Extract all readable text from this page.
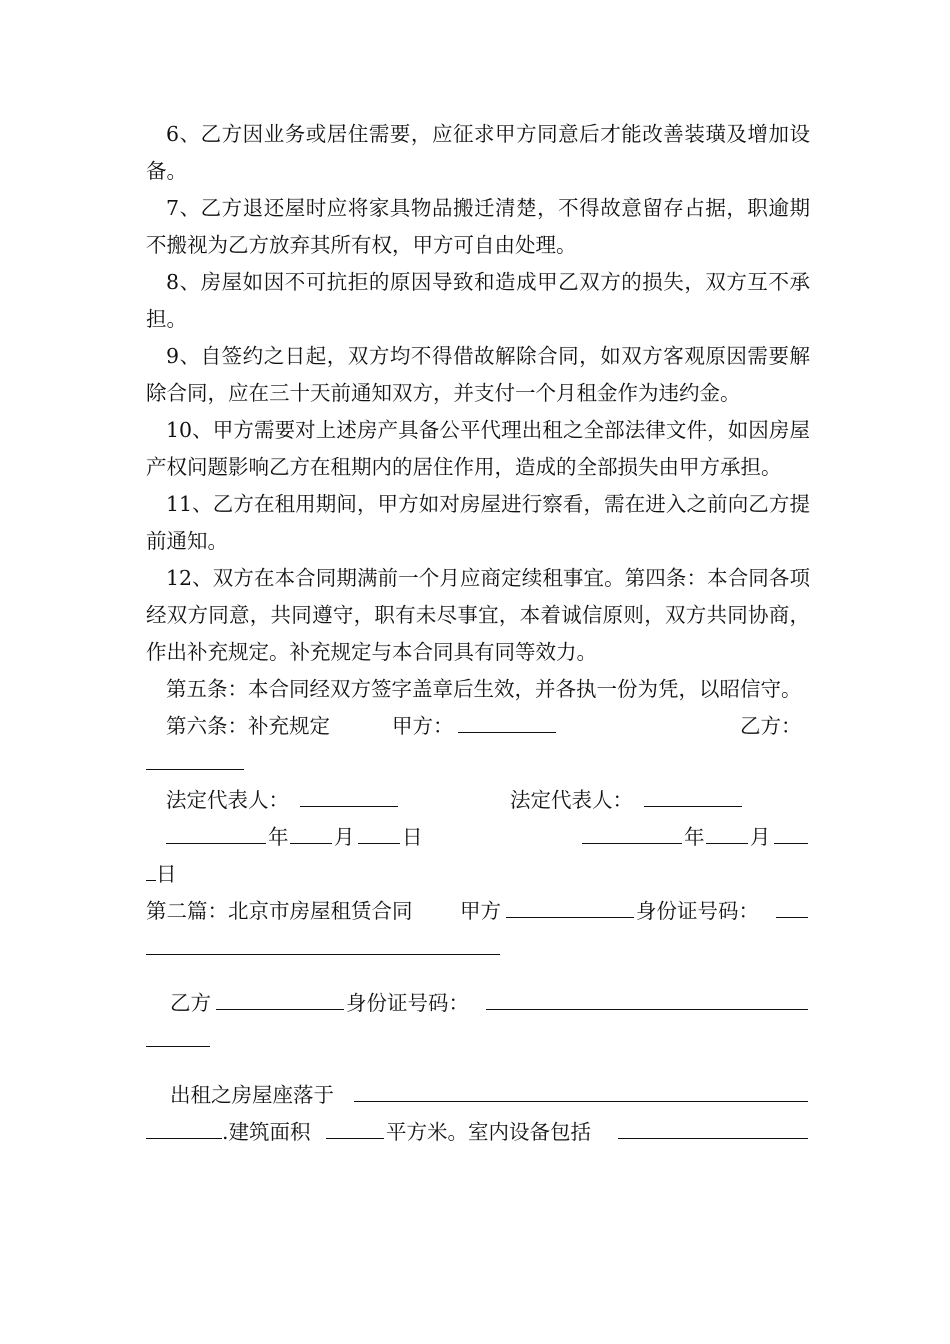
6、乙方因业务或居住需要，应征求甲方同意后才能改善装璜及增加设备。

7、乙方退还屋时应将家具物品搬迁清楚，不得故意留存占据，职逾期不搬视为乙方放弃其所有权，甲方可自由处理。

8、房屋如因不可抗拒的原因导致和造成甲乙双方的损失，双方互不承担。

9、自签约之日起，双方均不得借故解除合同，如双方客观原因需要解除合同，应在三十天前通知双方，并支付一个月租金作为违约金。

10、甲方需要对上述房产具备公平代理出租之全部法律文件，如因房屋产权问题影响乙方在租期内的居住作用，造成的全部损失由甲方承担。

11、乙方在租用期间，甲方如对房屋进行察看，需在进入之前向乙方提前通知。

12、双方在本合同期满前一个月应商定续租事宜。第四条：本合同各项经双方同意，共同遵守，职有未尽事宜，本着诚信原则，双方共同协商，作出补充规定。补充规定与本合同具有同等效力。

第五条：本合同经双方签字盖章后生效，并各执一份为凭，以昭信守。

第六条：补充规定	甲方：	乙方：
法定代表人：	法定代表人：
年 月 日	年 月
日
第二篇：北京市房屋租赁合同 甲方	身份证号码：
乙方	身份证号码：
出租之房屋座落于
.建筑面积	平方米。室内设备包括
